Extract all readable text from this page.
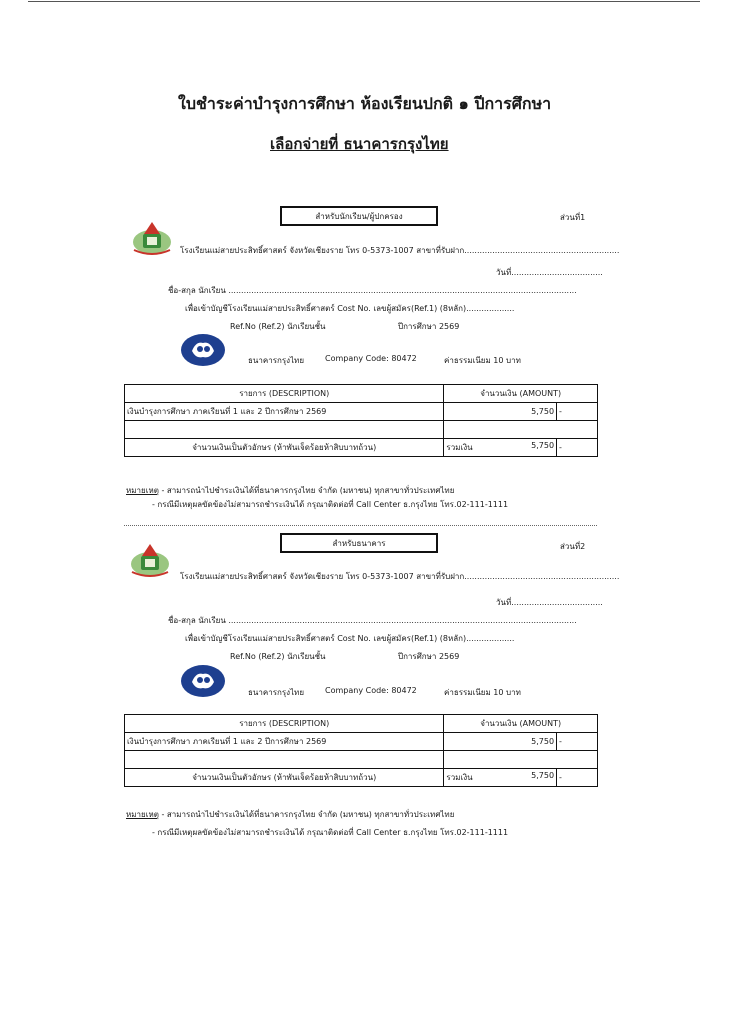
ใบชำระค่าบำรุงการศึกษา ห้องเรียนปกติ ๑ ปีการศึกษา
เลือกจ่ายที่ ธนาคารกรุงไทย
สำหรับนักเรียน/ผู้ปกครอง	ส่วนที่1
โรงเรียนแม่สายประสิทธิ์ศาสตร์ จังหวัดเชียงราย โทร 0-5373-1007 สาขาที่รับฝาก.............................................................
วันที่....................................
ชื่อ-สกุล นักเรียน .........................................................................................................................................
เพื่อเข้าบัญชีโรงเรียนแม่สายประสิทธิ์ศาสตร์ Cost No. เลขผู้สมัคร(Ref.1) (8หลัก)...................
Ref.No (Ref.2) นักเรียนชั้น	ปีการศึกษา 2569
ธนาคารกรุงไทย	Company Code: 80472	ค่าธรรมเนียม 10 บาท
รายการ (DESCRIPTION)	จำนวนเงิน (AMOUNT)	
เงินบำรุงการศึกษา ภาคเรียนที่ 1 และ 2 ปีการศึกษา 2569	5,750	-

จำนวนเงินเป็นตัวอักษร (ห้าพันเจ็ดร้อยห้าสิบบาทถ้วน)	รวมเงิน 5,750	-
หมายเหตุ - สามารถนำไปชำระเงินได้ที่ธนาคารกรุงไทย จำกัด (มหาชน) ทุกสาขาทั่วประเทศไทย
- กรณีมีเหตุผลขัดข้องไม่สามารถชำระเงินได้ กรุณาติดต่อที่ Call Center ธ.กรุงไทย โทร.02-111-1111
สำหรับธนาคาร	ส่วนที่2
โรงเรียนแม่สายประสิทธิ์ศาสตร์ จังหวัดเชียงราย โทร 0-5373-1007 สาขาที่รับฝาก.............................................................
วันที่....................................
ชื่อ-สกุล นักเรียน .........................................................................................................................................
เพื่อเข้าบัญชีโรงเรียนแม่สายประสิทธิ์ศาสตร์ Cost No. เลขผู้สมัคร(Ref.1) (8หลัก)...................
Ref.No (Ref.2) นักเรียนชั้น	ปีการศึกษา 2569
ธนาคารกรุงไทย	Company Code: 80472	ค่าธรรมเนียม 10 บาท
รายการ (DESCRIPTION)	จำนวนเงิน (AMOUNT)	
เงินบำรุงการศึกษา ภาคเรียนที่ 1 และ 2 ปีการศึกษา 2569	5,750	-

จำนวนเงินเป็นตัวอักษร (ห้าพันเจ็ดร้อยห้าสิบบาทถ้วน)	รวมเงิน 5,750	-
หมายเหตุ - สามารถนำไปชำระเงินได้ที่ธนาคารกรุงไทย จำกัด (มหาชน) ทุกสาขาทั่วประเทศไทย
- กรณีมีเหตุผลขัดข้องไม่สามารถชำระเงินได้ กรุณาติดต่อที่ Call Center ธ.กรุงไทย โทร.02-111-1111
